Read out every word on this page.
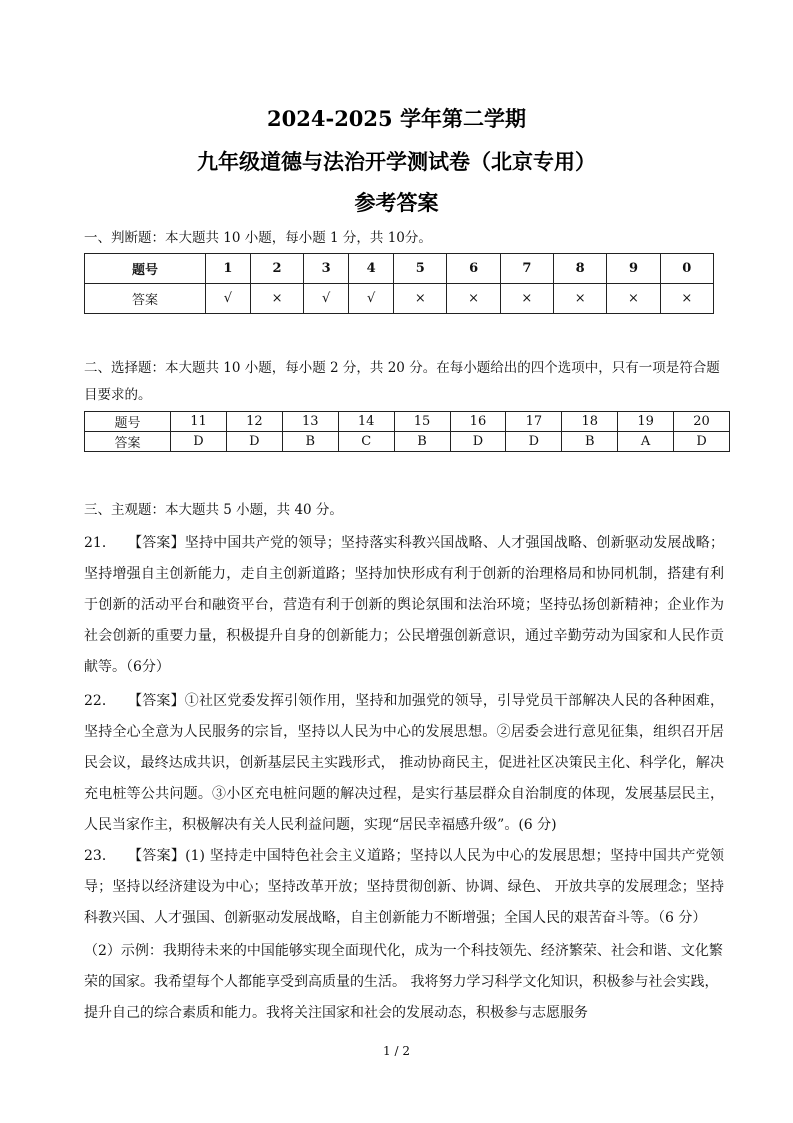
2024-2025 学年第二学期
九年级道德与法治开学测试卷（北京专用）
参考答案
一、判断题：本大题共 10 小题，每小题 1 分，共 10分。
题号	1	2	3	4	5	6	7	8	9	0
答案	√	×	√	√	×	×	×	×	×	×
二、选择题：本大题共 10 小题，每小题 2 分，共 20 分。在每小题给出的四个选项中，只有一项是符合题目要求的。
题号	11	12	13	14	15	16	17	18	19	20
答案	D	D	B	C	B	D	D	B	A	D
三、主观题：本大题共 5 小题，共 40 分。
21． 【答案】坚持中国共产党的领导；坚持落实科教兴国战略、人才强国战略、创新驱动发展战略；坚持增强自主创新能力，走自主创新道路；坚持加快形成有利于创新的治理格局和协同机制，搭建有利于创新的活动平台和融资平台，营造有利于创新的舆论氛围和法治环境；坚持弘扬创新精神；企业作为社会创新的重要力量，积极提升自身的创新能力；公民增强创新意识，通过辛勤劳动为国家和人民作贡献等。（6分）
22． 【答案】①社区党委发挥引领作用，坚持和加强党的领导，引导党员干部解决人民的各种困难，坚持全心全意为人民服务的宗旨，坚持以人民为中心的发展思想。②居委会进行意见征集，组织召开居民会议，最终达成共识，创新基层民主实践形式， 推动协商民主，促进社区决策民主化、科学化，解决充电桩等公共问题。③小区充电桩问题的解决过程，是实行基层群众自治制度的体现，发展基层民主，人民当家作主，积极解决有关人民利益问题，实现“居民幸福感升级”。(6 分)
23． 【答案】(1) 坚持走中国特色社会主义道路；坚持以人民为中心的发展思想；坚持中国共产党领导；坚持以经济建设为中心；坚持改革开放；坚持贯彻创新、协调、绿色、 开放共享的发展理念；坚持科教兴国、人才强国、创新驱动发展战略，自主创新能力不断增强；全国人民的艰苦奋斗等。（6 分）
（2）示例：我期待未来的中国能够实现全面现代化，成为一个科技领先、经济繁荣、社会和谐、文化繁荣的国家。我希望每个人都能享受到高质量的生活。 我将努力学习科学文化知识，积极参与社会实践，提升自己的综合素质和能力。我将关注国家和社会的发展动态，积极参与志愿服务
1 / 2
